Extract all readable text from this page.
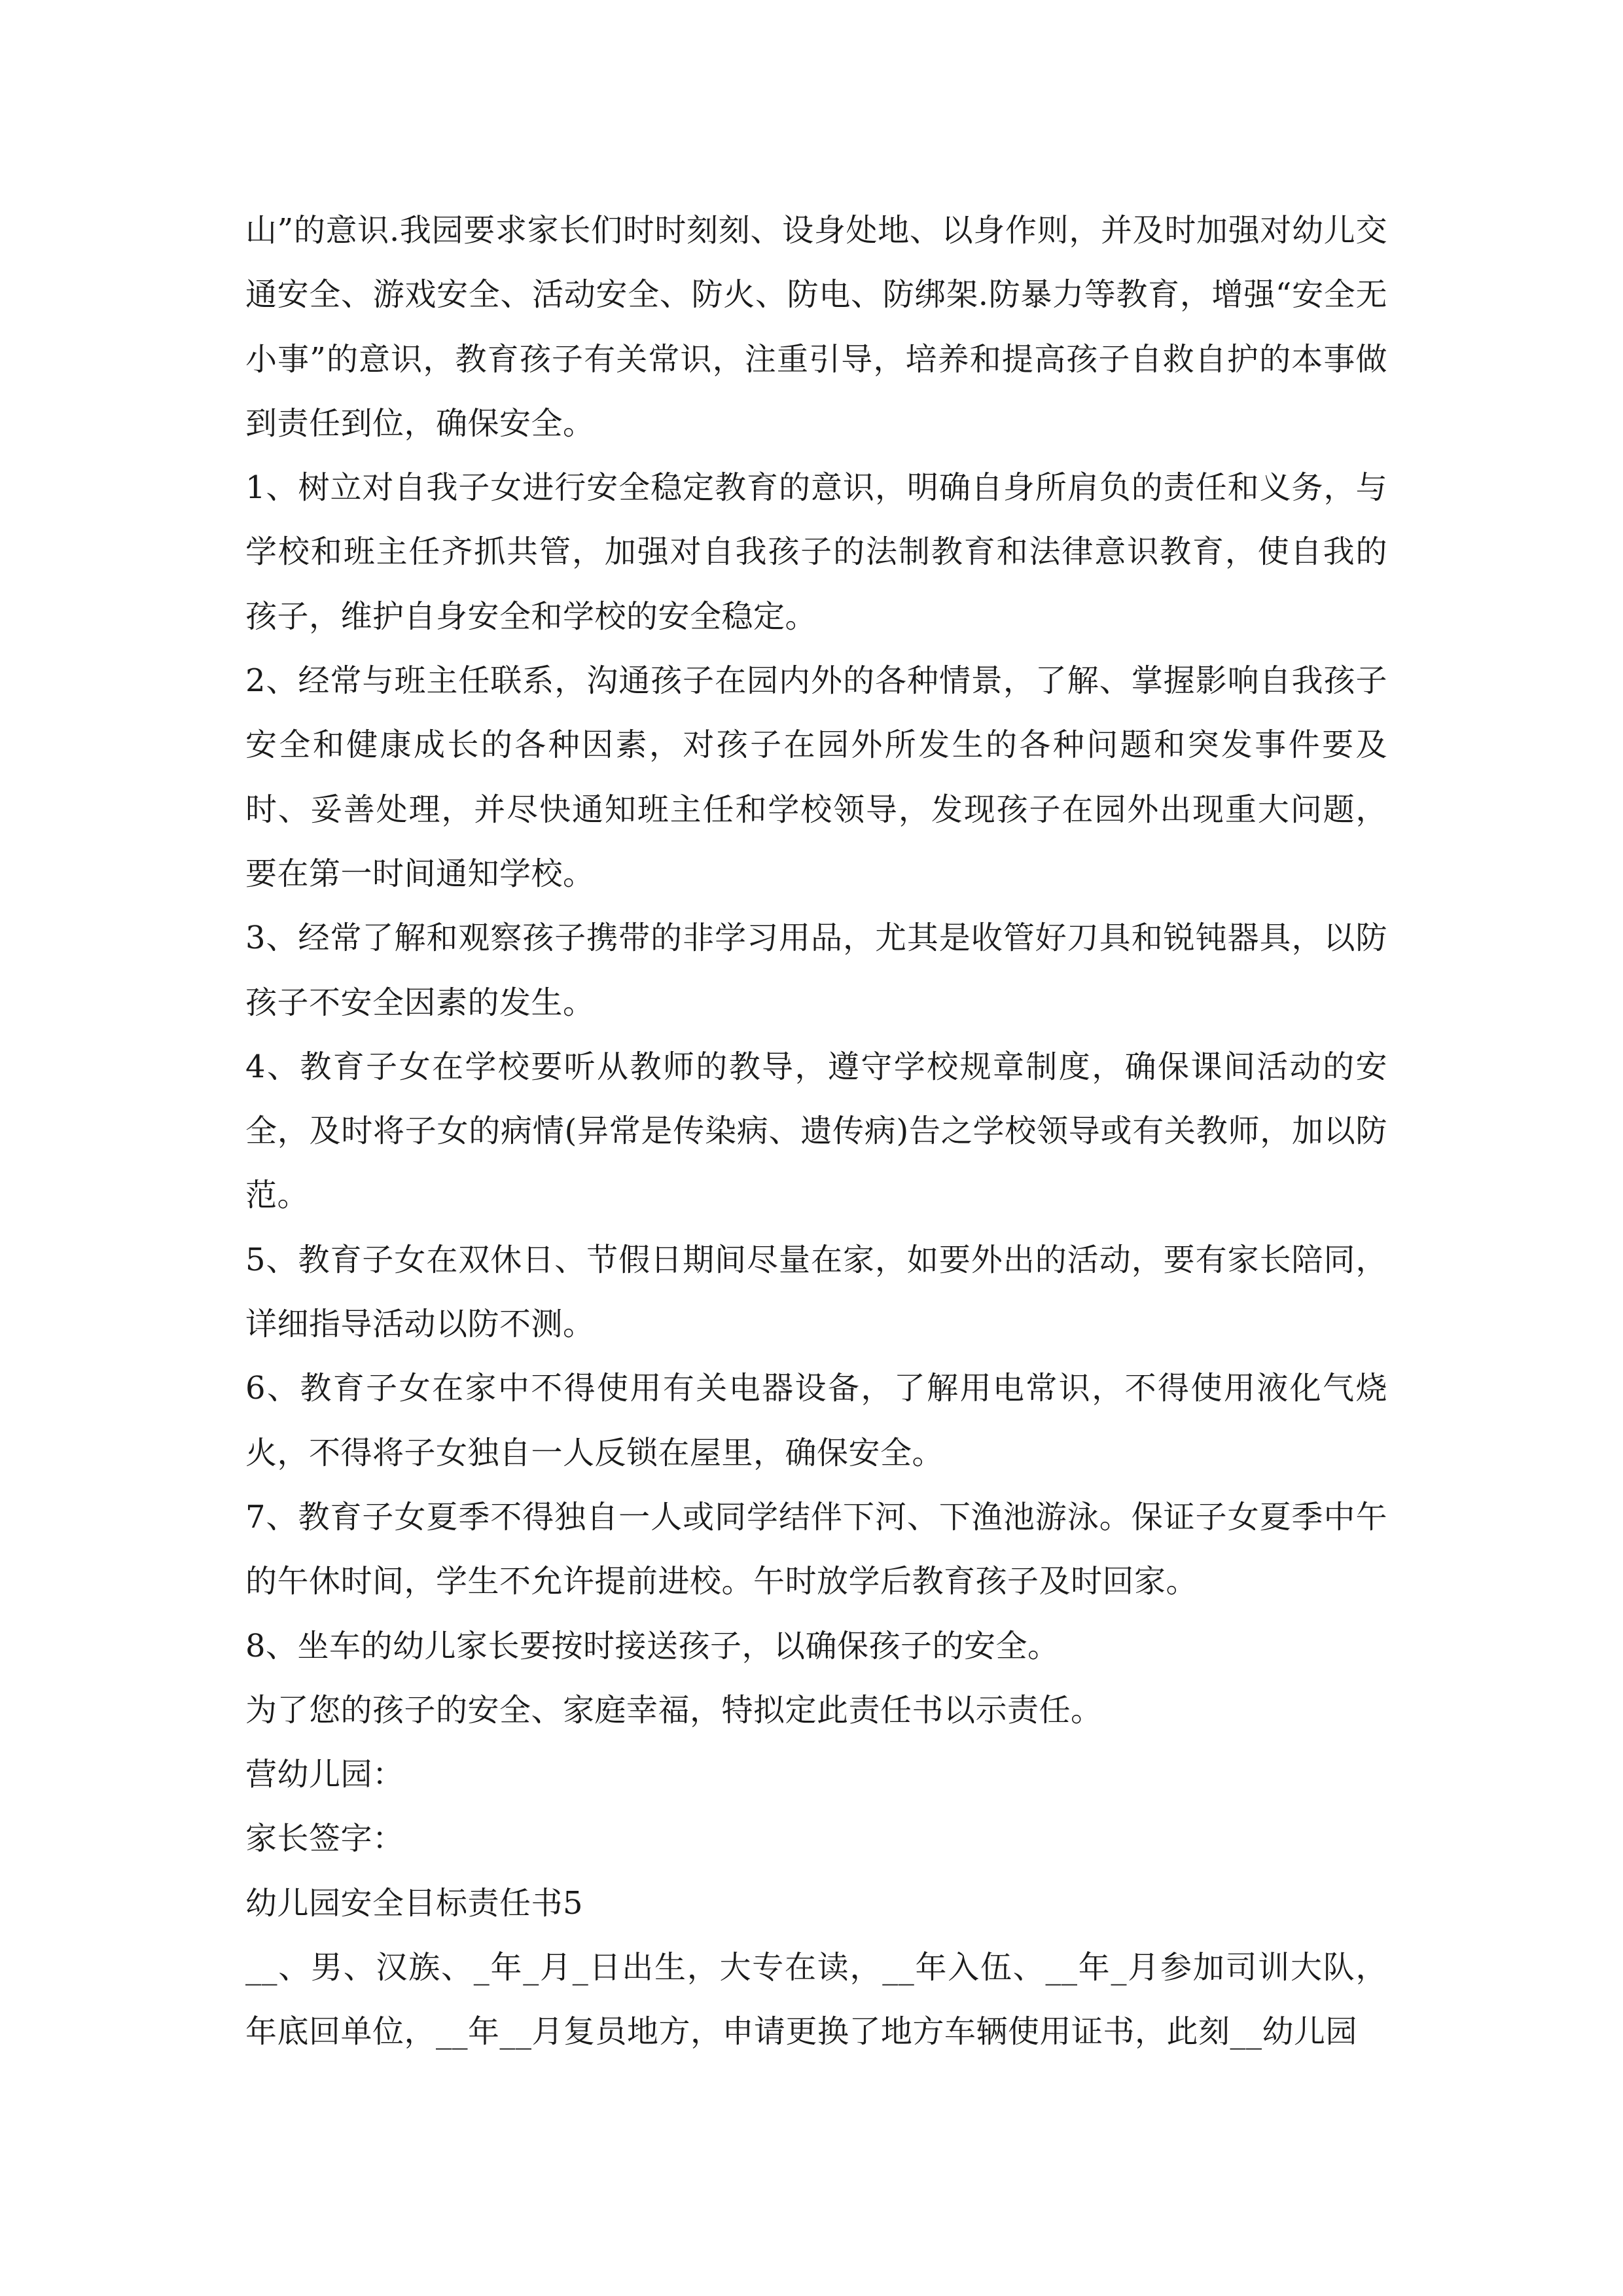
山”的意识.我园要求家长们时时刻刻、设身处地、以身作则，并及时加强对幼儿交通安全、游戏安全、活动安全、防火、防电、防绑架.防暴力等教育，增强“安全无小事”的意识，教育孩子有关常识，注重引导，培养和提高孩子自救自护的本事做到责任到位，确保安全。

1、树立对自我子女进行安全稳定教育的意识，明确自身所肩负的责任和义务，与学校和班主任齐抓共管，加强对自我孩子的法制教育和法律意识教育，使自我的孩子，维护自身安全和学校的安全稳定。

2、经常与班主任联系，沟通孩子在园内外的各种情景，了解、掌握影响自我孩子安全和健康成长的各种因素，对孩子在园外所发生的各种问题和突发事件要及时、妥善处理，并尽快通知班主任和学校领导，发现孩子在园外出现重大问题，要在第一时间通知学校。

3、经常了解和观察孩子携带的非学习用品，尤其是收管好刀具和锐钝器具，以防孩子不安全因素的发生。

4、教育子女在学校要听从教师的教导，遵守学校规章制度，确保课间活动的安全，及时将子女的病情(异常是传染病、遗传病)告之学校领导或有关教师，加以防范。

5、教育子女在双休日、节假日期间尽量在家，如要外出的活动，要有家长陪同，详细指导活动以防不测。

6、教育子女在家中不得使用有关电器设备，了解用电常识，不得使用液化气烧火，不得将子女独自一人反锁在屋里，确保安全。

7、教育子女夏季不得独自一人或同学结伴下河、下渔池游泳。保证子女夏季中午的午休时间，学生不允许提前进校。午时放学后教育孩子及时回家。

8、坐车的幼儿家长要按时接送孩子，以确保孩子的安全。

为了您的孩子的安全、家庭幸福，特拟定此责任书以示责任。

营幼儿园：

家长签字：

幼儿园安全目标责任书5

__、男、汉族、_年_月_日出生，大专在读，__年入伍、__年_月参加司训大队，年底回单位，__年__月复员地方，申请更换了地方车辆使用证书，此刻__幼儿园
